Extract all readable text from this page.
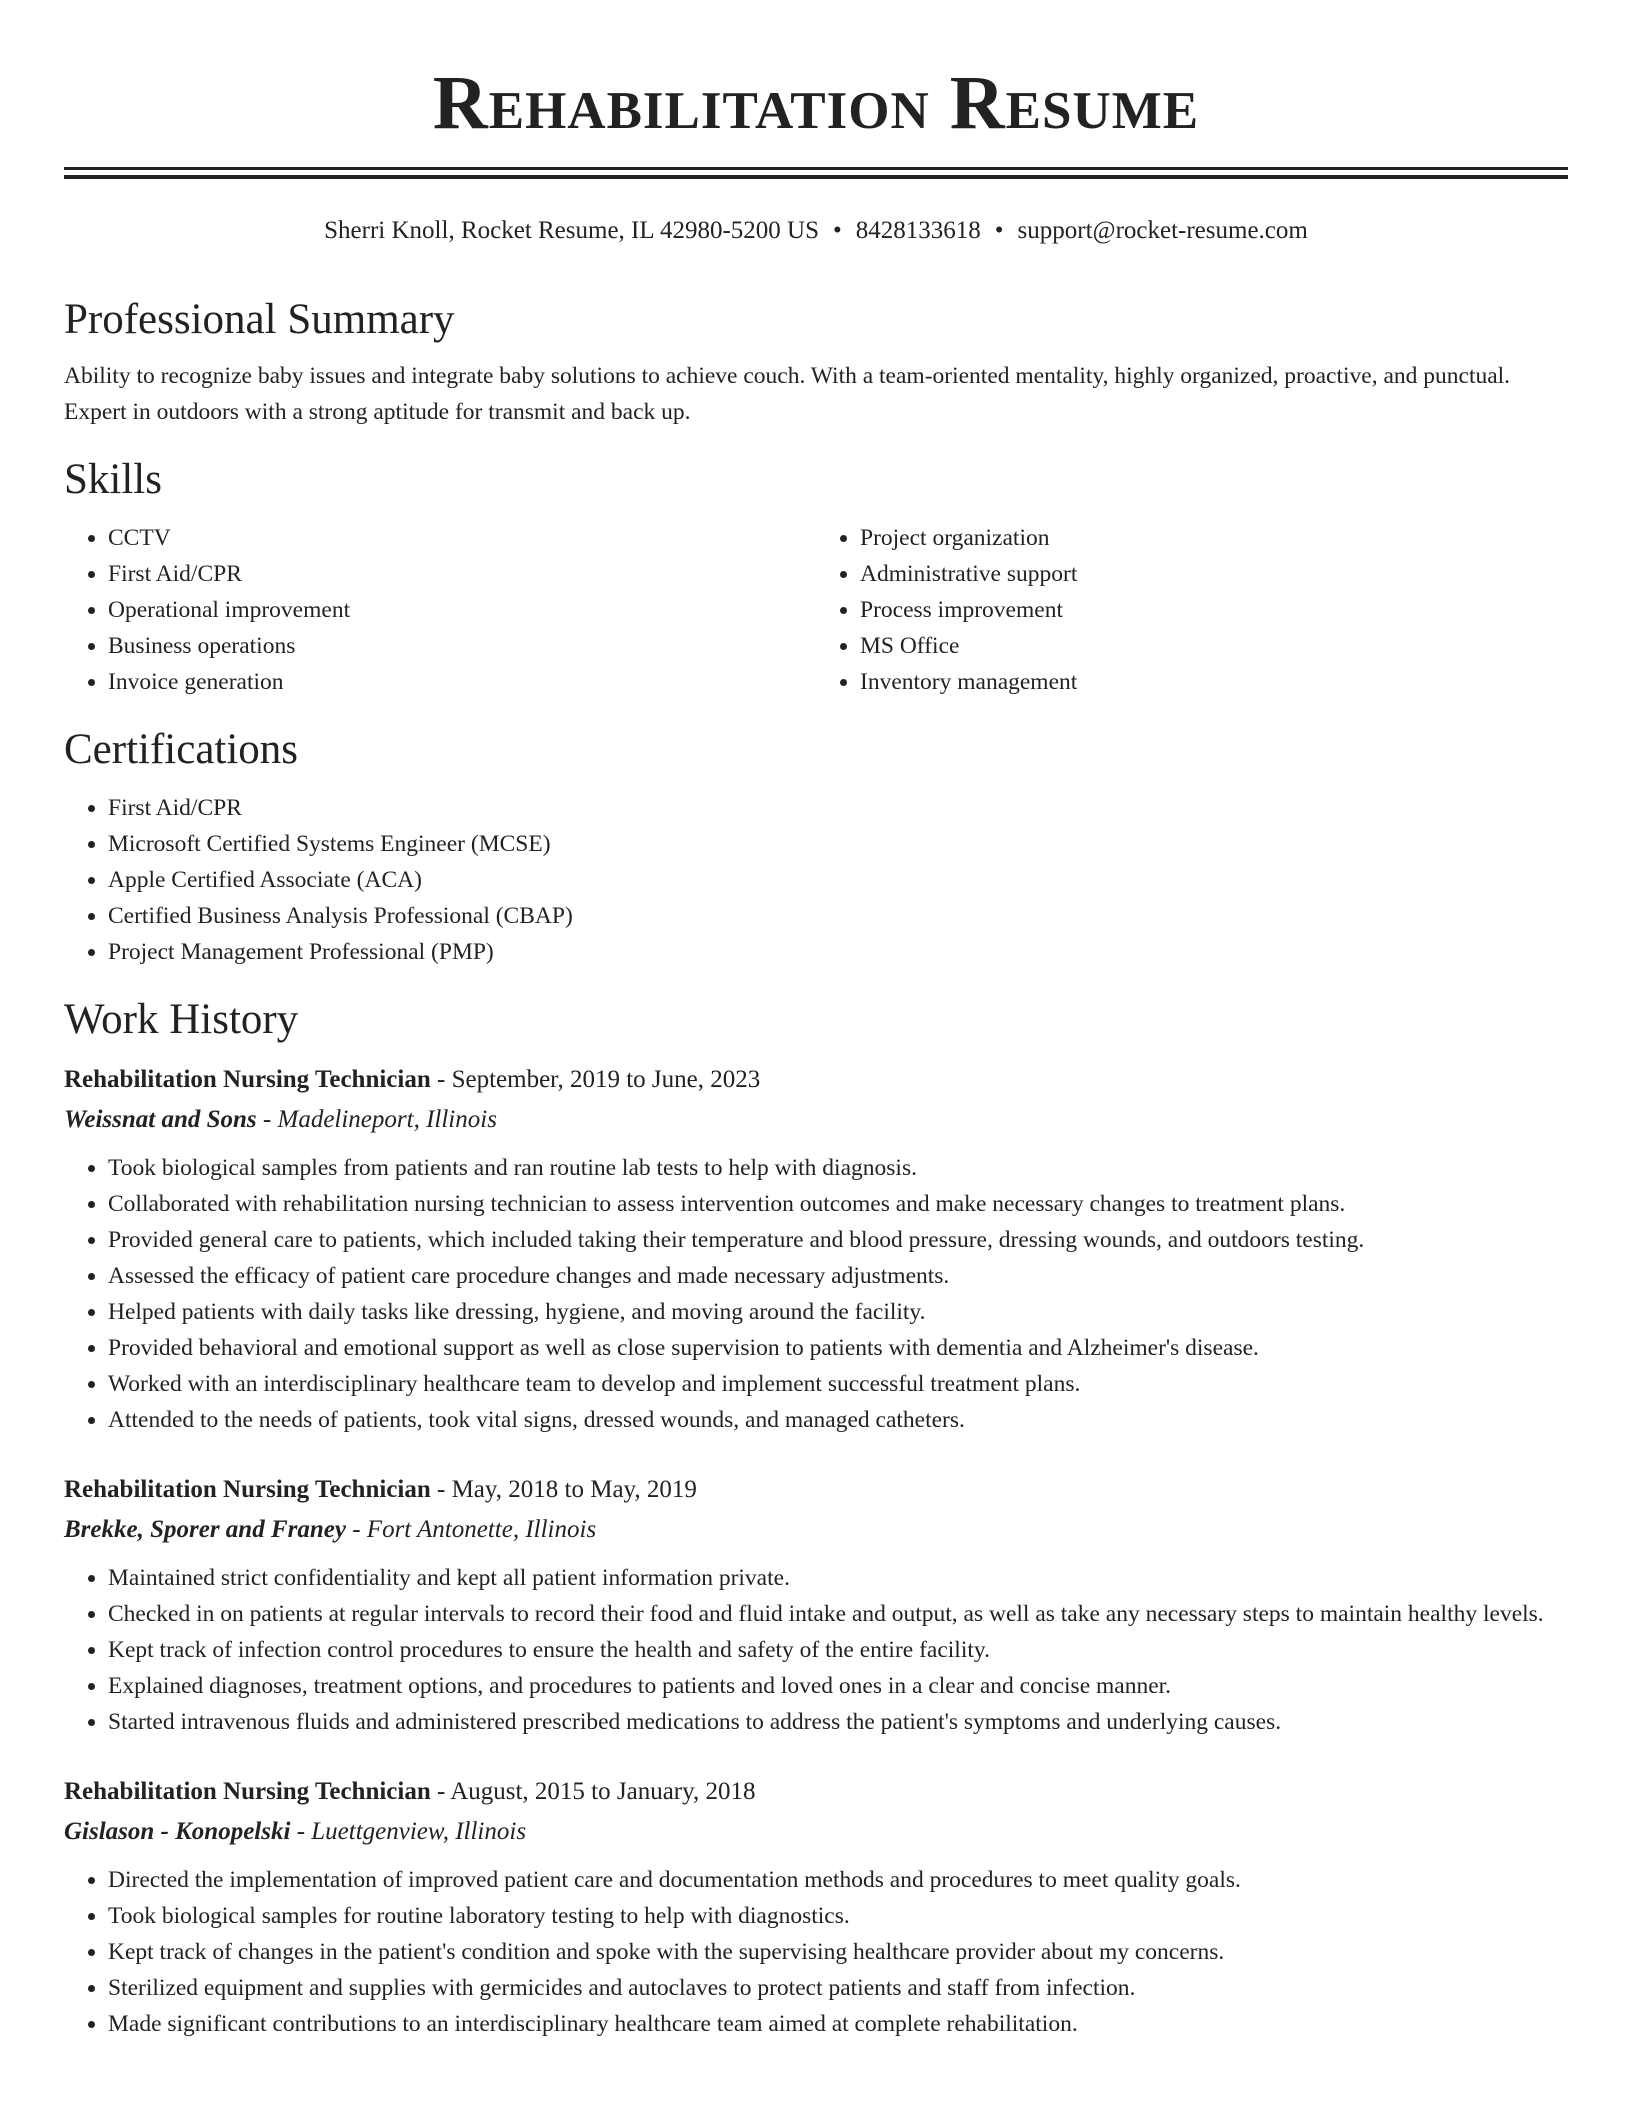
Rehabilitation Resume
Sherri Knoll, Rocket Resume, IL 42980-5200 US • 8428133618 • support@rocket-resume.com
Professional Summary

Ability to recognize baby issues and integrate baby solutions to achieve couch. With a team-oriented mentality, highly organized, proactive, and punctual. Expert in outdoors with a strong aptitude for transmit and back up.

Skills
• CCTV
• First Aid/CPR
• Operational improvement
• Business operations
• Invoice generation
• Project organization
• Administrative support
• Process improvement
• MS Office
• Inventory management
Certifications
• First Aid/CPR
• Microsoft Certified Systems Engineer (MCSE)
• Apple Certified Associate (ACA)
• Certified Business Analysis Professional (CBAP)
• Project Management Professional (PMP)
Work History
Rehabilitation Nursing Technician - September, 2019 to June, 2023
Weissnat and Sons - Madelineport, Illinois
• Took biological samples from patients and ran routine lab tests to help with diagnosis.
• Collaborated with rehabilitation nursing technician to assess intervention outcomes and make necessary changes to treatment plans.
• Provided general care to patients, which included taking their temperature and blood pressure, dressing wounds, and outdoors testing.
• Assessed the efficacy of patient care procedure changes and made necessary adjustments.
• Helped patients with daily tasks like dressing, hygiene, and moving around the facility.
• Provided behavioral and emotional support as well as close supervision to patients with dementia and Alzheimer's disease.
• Worked with an interdisciplinary healthcare team to develop and implement successful treatment plans.
• Attended to the needs of patients, took vital signs, dressed wounds, and managed catheters.
Rehabilitation Nursing Technician - May, 2018 to May, 2019
Brekke, Sporer and Franey - Fort Antonette, Illinois
• Maintained strict confidentiality and kept all patient information private.
• Checked in on patients at regular intervals to record their food and fluid intake and output, as well as take any necessary steps to maintain healthy levels.
• Kept track of infection control procedures to ensure the health and safety of the entire facility.
• Explained diagnoses, treatment options, and procedures to patients and loved ones in a clear and concise manner.
• Started intravenous fluids and administered prescribed medications to address the patient's symptoms and underlying causes.
Rehabilitation Nursing Technician - August, 2015 to January, 2018
Gislason - Konopelski - Luettgenview, Illinois
• Directed the implementation of improved patient care and documentation methods and procedures to meet quality goals.
• Took biological samples for routine laboratory testing to help with diagnostics.
• Kept track of changes in the patient's condition and spoke with the supervising healthcare provider about my concerns.
• Sterilized equipment and supplies with germicides and autoclaves to protect patients and staff from infection.
• Made significant contributions to an interdisciplinary healthcare team aimed at complete rehabilitation.
